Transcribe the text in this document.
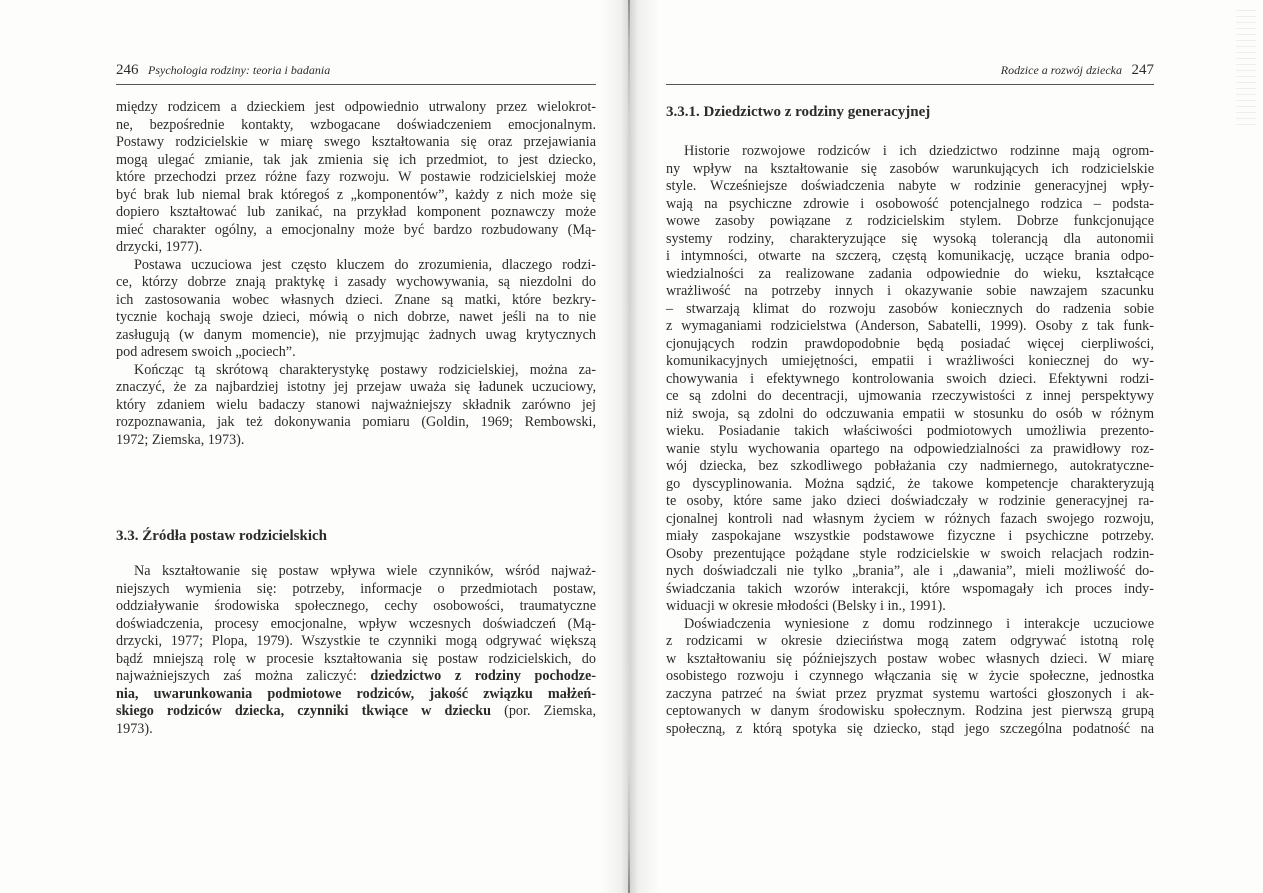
246 Psychologia rodziny: teoria i badania
między rodzicem a dzieckiem jest odpowiednio utrwalony przez wielokrot-
ne, bezpośrednie kontakty, wzbogacane doświadczeniem emocjonalnym.
Postawy rodzicielskie w miarę swego kształtowania się oraz przejawiania
mogą ulegać zmianie, tak jak zmienia się ich przedmiot, to jest dziecko,
które przechodzi przez różne fazy rozwoju. W postawie rodzicielskiej może
być brak lub niemal brak któregoś z „komponentów”, każdy z nich może się
dopiero kształtować lub zanikać, na przykład komponent poznawczy może
mieć charakter ogólny, a emocjonalny może być bardzo rozbudowany (Mą-
drzycki, 1977).
Postawa uczuciowa jest często kluczem do zrozumienia, dlaczego rodzi-
ce, którzy dobrze znają praktykę i zasady wychowywania, są niezdolni do
ich zastosowania wobec własnych dzieci. Znane są matki, które bezkry-
tycznie kochają swoje dzieci, mówią o nich dobrze, nawet jeśli na to nie
zasługują (w danym momencie), nie przyjmując żadnych uwag krytycznych
pod adresem swoich „pociech”.
Kończąc tą skrótową charakterystykę postawy rodzicielskiej, można za-
znaczyć, że za najbardziej istotny jej przejaw uważa się ładunek uczuciowy,
który zdaniem wielu badaczy stanowi najważniejszy składnik zarówno jej
rozpoznawania, jak też dokonywania pomiaru (Goldin, 1969; Rembowski,
1972; Ziemska, 1973).
3.3. Źródła postaw rodzicielskich
Na kształtowanie się postaw wpływa wiele czynników, wśród najważ-
niejszych wymienia się: potrzeby, informacje o przedmiotach postaw,
oddziaływanie środowiska społecznego, cechy osobowości, traumatyczne
doświadczenia, procesy emocjonalne, wpływ wczesnych doświadczeń (Mą-
drzycki, 1977; Plopa, 1979). Wszystkie te czynniki mogą odgrywać większą
bądź mniejszą rolę w procesie kształtowania się postaw rodzicielskich, do
najważniejszych zaś można zaliczyć: dziedzictwo z rodziny pochodze-
nia, uwarunkowania podmiotowe rodziców, jakość związku małżeń-
skiego rodziców dziecka, czynniki tkwiące w dziecku (por. Ziemska,
1973).
Rodzice a rozwój dziecka 247
3.3.1. Dziedzictwo z rodziny generacyjnej
Historie rozwojowe rodziców i ich dziedzictwo rodzinne mają ogrom-
ny wpływ na kształtowanie się zasobów warunkujących ich rodzicielskie
style. Wcześniejsze doświadczenia nabyte w rodzinie generacyjnej wpły-
wają na psychiczne zdrowie i osobowość potencjalnego rodzica – podsta-
wowe zasoby powiązane z rodzicielskim stylem. Dobrze funkcjonujące
systemy rodziny, charakteryzujące się wysoką tolerancją dla autonomii
i intymności, otwarte na szczerą, częstą komunikację, uczące brania odpo-
wiedzialności za realizowane zadania odpowiednie do wieku, kształcące
wrażliwość na potrzeby innych i okazywanie sobie nawzajem szacunku
– stwarzają klimat do rozwoju zasobów koniecznych do radzenia sobie
z wymaganiami rodzicielstwa (Anderson, Sabatelli, 1999). Osoby z tak funk-
cjonujących rodzin prawdopodobnie będą posiadać więcej cierpliwości,
komunikacyjnych umiejętności, empatii i wrażliwości koniecznej do wy-
chowywania i efektywnego kontrolowania swoich dzieci. Efektywni rodzi-
ce są zdolni do decentracji, ujmowania rzeczywistości z innej perspektywy
niż swoja, są zdolni do odczuwania empatii w stosunku do osób w różnym
wieku. Posiadanie takich właściwości podmiotowych umożliwia prezento-
wanie stylu wychowania opartego na odpowiedzialności za prawidłowy roz-
wój dziecka, bez szkodliwego pobłażania czy nadmiernego, autokratyczne-
go dyscyplinowania. Można sądzić, że takowe kompetencje charakteryzują
te osoby, które same jako dzieci doświadczały w rodzinie generacyjnej ra-
cjonalnej kontroli nad własnym życiem w różnych fazach swojego rozwoju,
miały zaspokajane wszystkie podstawowe fizyczne i psychiczne potrzeby.
Osoby prezentujące pożądane style rodzicielskie w swoich relacjach rodzin-
nych doświadczali nie tylko „brania”, ale i „dawania”, mieli możliwość do-
świadczania takich wzorów interakcji, które wspomagały ich proces indy-
widuacji w okresie młodości (Belsky i in., 1991).
Doświadczenia wyniesione z domu rodzinnego i interakcje uczuciowe
z rodzicami w okresie dzieciństwa mogą zatem odgrywać istotną rolę
w kształtowaniu się późniejszych postaw wobec własnych dzieci. W miarę
osobistego rozwoju i czynnego włączania się w życie społeczne, jednostka
zaczyna patrzeć na świat przez pryzmat systemu wartości głoszonych i ak-
ceptowanych w danym środowisku społecznym. Rodzina jest pierwszą grupą
społeczną, z którą spotyka się dziecko, stąd jego szczególna podatność na
